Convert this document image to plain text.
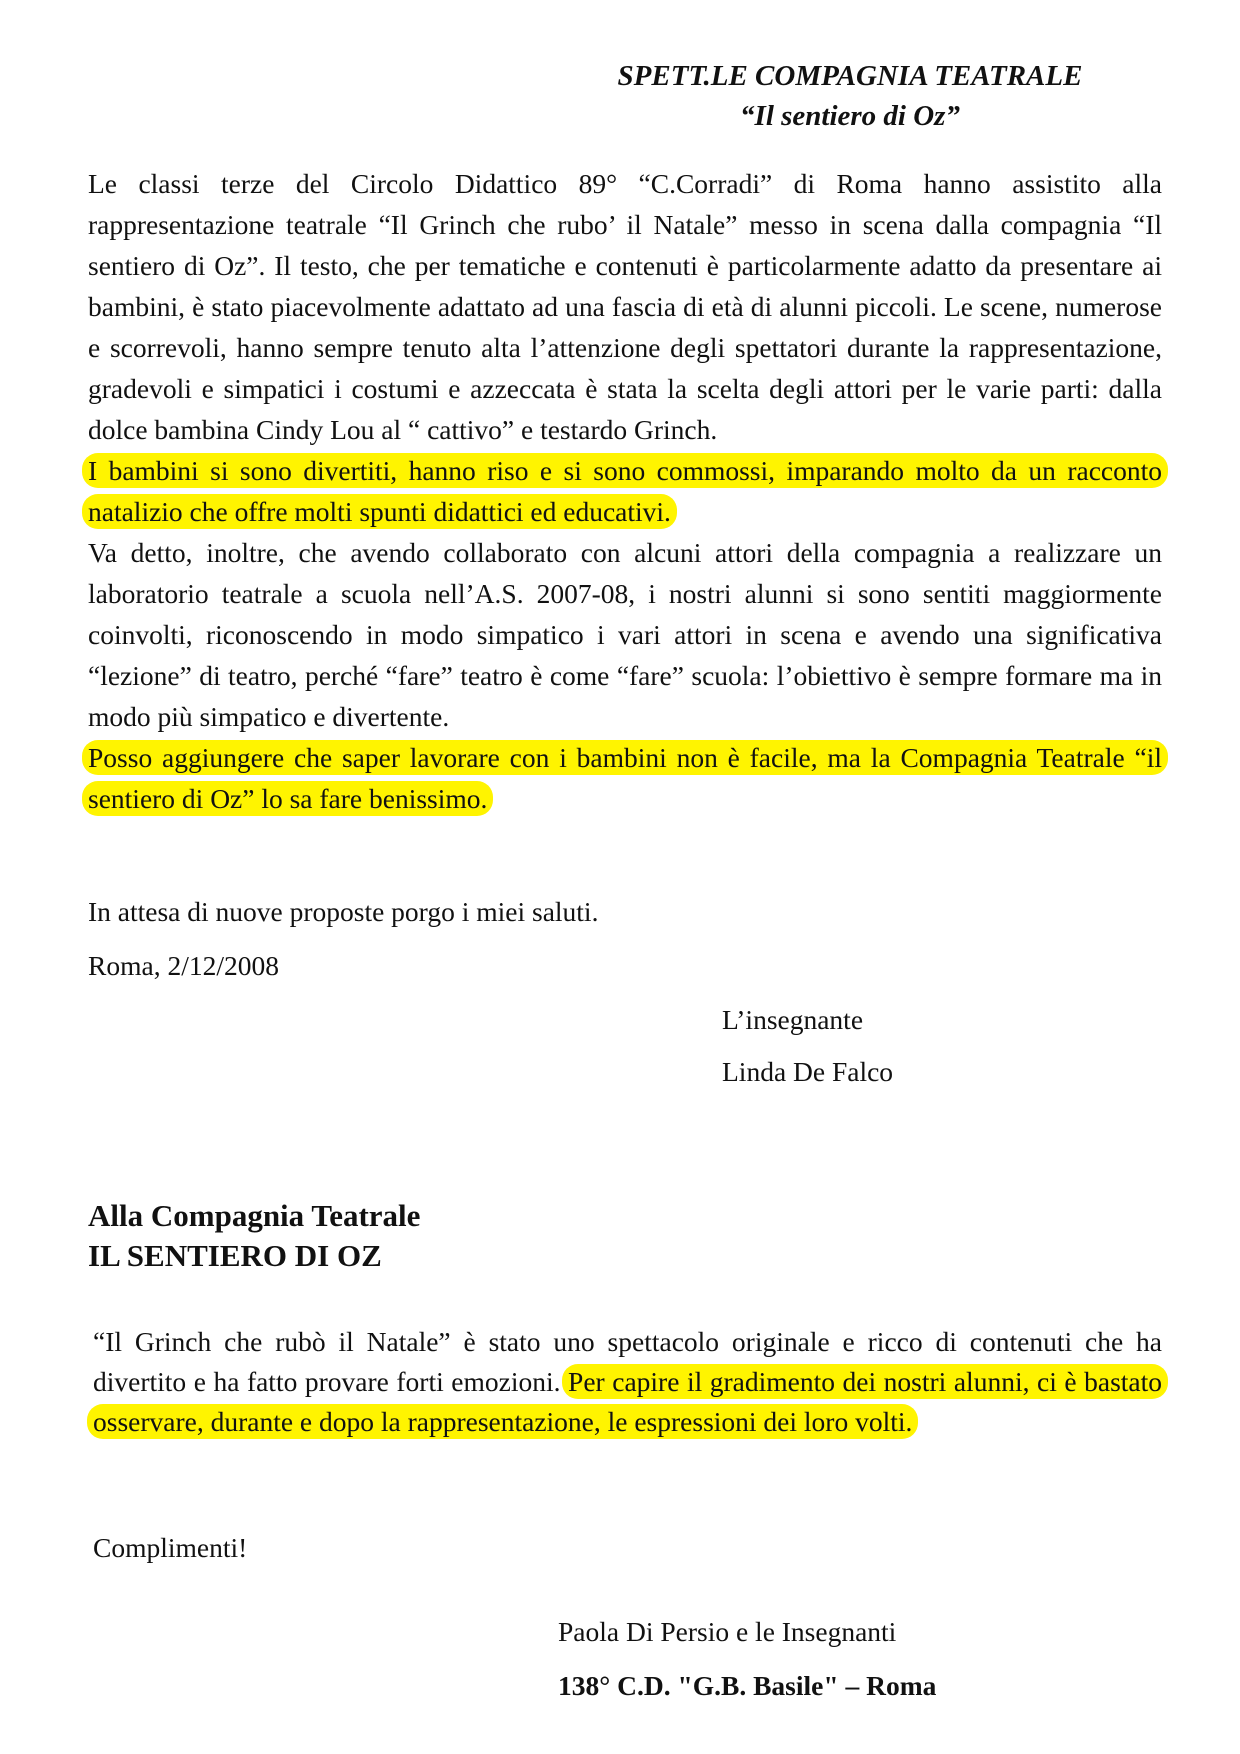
SPETT.LE COMPAGNIA TEATRALE
“Il sentiero di Oz”

Le classi terze del Circolo Didattico 89° “C.Corradi” di Roma hanno assistito alla rappresentazione teatrale “Il Grinch che rubo’ il Natale” messo in scena dalla compagnia “Il sentiero di Oz”. Il testo, che per tematiche e contenuti è particolarmente adatto da presentare ai bambini, è stato piacevolmente adattato ad una fascia di età di alunni piccoli. Le scene, numerose e scorrevoli, hanno sempre tenuto alta l’attenzione degli spettatori durante la rappresentazione, gradevoli e simpatici i costumi e azzeccata è stata la scelta degli attori per le varie parti: dalla dolce bambina Cindy Lou al “ cattivo” e testardo Grinch.

I bambini si sono divertiti, hanno riso e si sono commossi, imparando molto da un racconto natalizio che offre molti spunti didattici ed educativi.

Va detto, inoltre, che avendo collaborato con alcuni attori della compagnia a realizzare un laboratorio teatrale a scuola nell’A.S. 2007-08, i nostri alunni si sono sentiti maggiormente coinvolti, riconoscendo in modo simpatico i vari attori in scena e avendo una significativa “lezione” di teatro, perché “fare” teatro è come “fare” scuola: l’obiettivo è sempre formare ma in modo più simpatico e divertente.

Posso aggiungere che saper lavorare con i bambini non è facile, ma la Compagnia Teatrale “il sentiero di Oz” lo sa fare benissimo.

In attesa di nuove proposte porgo i miei saluti.
Roma, 2/12/2008
L’insegnante
Linda De Falco
Alla Compagnia Teatrale
IL SENTIERO DI OZ

“Il Grinch che rubò il Natale” è stato uno spettacolo originale e ricco di contenuti che ha divertito e ha fatto provare forti emozioni. Per capire il gradimento dei nostri alunni, ci è bastato osservare, durante e dopo la rappresentazione, le espressioni dei loro volti.

Complimenti!
Paola Di Persio e le Insegnanti
138° C.D. "G.B. Basile" – Roma
